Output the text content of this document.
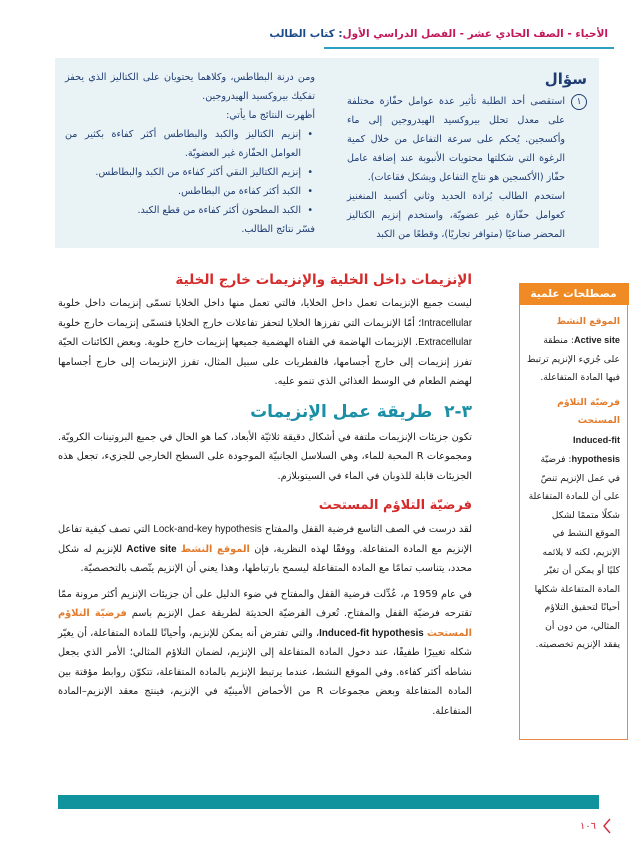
الأحياء - الصف الحادي عشر - الفصل الدراسي الأول: كتاب الطالب
سؤال
١

استقصى أحد الطلبة تأثير عدة عوامل حفّازة مختلفة على معدل تحلل بيروكسيد الهيدروجين إلى ماء وأكسجين. يُحكم على سرعة التفاعل من خلال كمية الرغوة التي شكلتها محتويات الأنبوبة عند إضافة عامل حفّاز (الأكسجين هو نتاج التفاعل ويشكل فقاعات).

استخدم الطالب بُرادة الحديد وثاني أكسيد المنغنيز كعوامل حفّازة غير عضويّة، واستخدم إنزيم الكتاليز المحضر صناعيًا (متوافر تجاريًا)، وقطعًا من الكبد

ومن درنة البطاطس، وكلاهما يحتويان على الكتاليز الذي يحفز تفكيك بيروكسيد الهيدروجين.

أظهرت النتائج ما يأتي:

• إنزيم الكتاليز والكبد والبطاطس أكثر كفاءة بكثير من العوامل الحفّازة غير العضويّة.
• إنزيم الكتاليز النقي أكثر كفاءة من الكبد والبطاطس.
• الكبد أكثر كفاءة من البطاطس.
• الكبد المطحون أكثر كفاءة من قطع الكبد.

فسّر نتائج الطالب.

مصطلحات علمية
الموقع النشط
Active site: منطقة على جُزيء الإنزيم ترتبط فيها المادة المتفاعلة.
فرضيّة التلاؤم المستحث
Induced-fit hypothesis: فرضيّة في عمل الإنزيم تنصّ على أن للمادة المتفاعلة شكلًا متممًا لشكل الموقع النشط في الإنزيم، لكنه لا يلائمه كليًا أو يمكن أن تغيّر المادة المتفاعلة شكلها أحيانًا لتحقيق التلاؤم المثالي، من دون أن يفقد الإنزيم تخصصيته.
الإنزيمات داخل الخلية والإنزيمات خارج الخلية

ليست جميع الإنزيمات تعمل داخل الخلايا، فالتي تعمل منها داخل الخلايا تسمّى إنزيمات داخل خلوية Intracellular؛ أمّا الإنزيمات التي تفرزها الخلايا لتحفز تفاعلات خارج الخلايا فتسمّى إنزيمات خارج خلوية Extracellular. الإنزيمات الهاضمة في القناة الهضمية جميعها إنزيمات خارج خلوية. وبعض الكائنات الحيّة تفرز إنزيمات إلى خارج أجسامها، فالفطريات على سبيل المثال، تفرز الإنزيمات إلى خارج أجسامها لهضم الطعام في الوسط الغذائي الذي تنمو عليه.

٣-٢  طريقة عمل الإنزيمات

تكون جزيئات الإنزيمات ملتفة في أشكال دقيقة ثلاثيّة الأبعاد، كما هو الحال في جميع البروتينات الكرويّة. ومجموعات R المحبة للماء، وهي السلاسل الجانبيّة الموجودة على السطح الخارجي للجزيء، تجعل هذه الجزيئات قابلة للذوبان في الماء في السيتوبلازم.

فرضيّة التلاؤم المستحث

لقد درست في الصف التاسع فرضية القفل والمفتاح Lock-and-key hypothesis التي تصف كيفية تفاعل الإنزيم مع المادة المتفاعلة. ووفقًا لهذه النظرية، فإن الموقع النشط Active site للإنزيم له شكل محدد، يتناسب تمامًا مع المادة المتفاعلة ليسمح بارتباطها، وهذا يعني أن الإنزيم يتّصف بالتخصصيّة.

في عام 1959 م، عُدِّلت فرضية القفل والمفتاح في ضوء الدليل على أن جزيئات الإنزيم أكثر مرونة ممّا تقترحه فرضيّة القفل والمفتاح. تُعرف الفرضيّة الحديثة لطريقة عمل الإنزيم باسم فرضيّة التلاؤم المستحث Induced-fit hypothesis، والتي تفترض أنه يمكن للإنزيم، وأحيانًا للمادة المتفاعلة، أن يغيّر شكله تغييرًا طفيفًا، عند دخول المادة المتفاعلة إلى الإنزيم، لضمان التلاؤم المثالي؛ الأمر الذي يجعل نشاطه أكثر كفاءة. وفي الموقع النشط، عندما يرتبط الإنزيم بالمادة المتفاعلة، تتكوّن روابط مؤقتة بين المادة المتفاعلة وبعض مجموعات R من الأحماض الأمينيّة في الإنزيم، فينتج معقد الإنزيم–المادة المتفاعلة.

١٠٦
